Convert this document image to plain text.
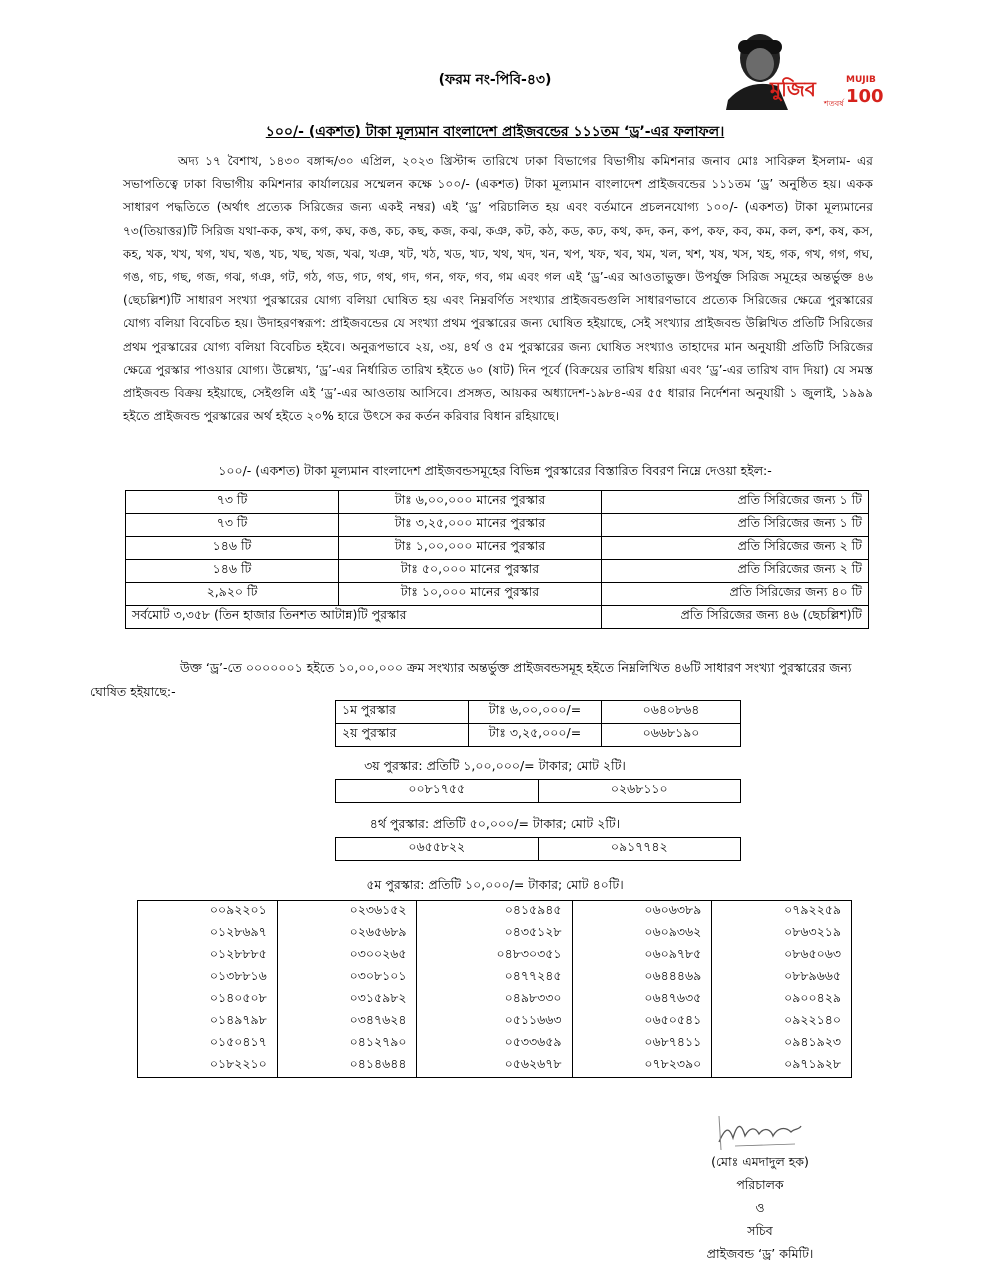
(ফরম নং-পিবি-৪৩)	মুজিব
শতবর্ষ
MUJIB
100
১০০/- (একশত) টাকা মূল্যমান বাংলাদেশ প্রাইজবন্ডের ১১১তম ‘ড্র’-এর ফলাফল।

অদ্য ১৭ বৈশাখ, ১৪৩০ বঙ্গাব্দ/৩০ এপ্রিল, ২০২৩ খ্রিস্টাব্দ তারিখে ঢাকা বিভাগের বিভাগীয় কমিশনার জনাব মোঃ সাবিরুল ইসলাম- এর সভাপতিত্বে ঢাকা বিভাগীয় কমিশনার কার্যালয়ের সম্মেলন কক্ষে ১০০/- (একশত) টাকা মূল্যমান বাংলাদেশ প্রাইজবন্ডের ১১১তম ‘ড্র’ অনুষ্ঠিত হয়। একক সাধারণ পদ্ধতিতে (অর্থাৎ প্রত্যেক সিরিজের জন্য একই নম্বর) এই ‘ড্র’ পরিচালিত হয় এবং বর্তমানে প্রচলনযোগ্য ১০০/- (একশত) টাকা মূল্যমানের ৭৩(তিয়াত্তর)টি সিরিজ যথা-কক, কখ, কগ, কঘ, কঙ, কচ, কছ, কজ, কঝ, কঞ, কট, কঠ, কড, কঢ, কথ, কদ, কন, কপ, কফ, কব, কম, কল, কশ, কষ, কস, কহ, খক, খখ, খগ, খঘ, খঙ, খচ, খছ, খজ, খঝ, খঞ, খট, খঠ, খড, খঢ, খথ, খদ, খন, খপ, খফ, খব, খম, খল, খশ, খষ, খস, খহ, গক, গখ, গগ, গঘ, গঙ, গচ, গছ, গজ, গঝ, গঞ, গট, গঠ, গড, গঢ, গথ, গদ, গন, গফ, গব, গম এবং গল এই ‘ড্র’-এর আওতাভুক্ত। উপর্যুক্ত সিরিজ সমূহের অন্তর্ভুক্ত ৪৬ (ছেচল্লিশ)টি সাধারণ সংখ্যা পুরস্কারের যোগ্য বলিয়া ঘোষিত হয় এবং নিম্নবর্ণিত সংখ্যার প্রাইজবন্ডগুলি সাধারণভাবে প্রত্যেক সিরিজের ক্ষেত্রে পুরস্কারের যোগ্য বলিয়া বিবেচিত হয়। উদাহরণস্বরূপ: প্রাইজবন্ডের যে সংখ্যা প্রথম পুরস্কারের জন্য ঘোষিত হইয়াছে, সেই সংখ্যার প্রাইজবন্ড উল্লিখিত প্রতিটি সিরিজের প্রথম পুরস্কারের যোগ্য বলিয়া বিবেচিত হইবে। অনুরূপভাবে ২য়, ৩য়, ৪র্থ ও ৫ম পুরস্কারের জন্য ঘোষিত সংখ্যাও তাহাদের মান অনুযায়ী প্রতিটি সিরিজের ক্ষেত্রে পুরস্কার পাওয়ার যোগ্য। উল্লেখ্য, ‘ড্র’-এর নির্ধারিত তারিখ হইতে ৬০ (ষাট) দিন পূর্বে (বিক্রয়ের তারিখ ধরিয়া এবং ‘ড্র’-এর তারিখ বাদ দিয়া) যে সমস্ত প্রাইজবন্ড বিক্রয় হইয়াছে, সেইগুলি এই ‘ড্র’-এর আওতায় আসিবে। প্রসঙ্গত, আয়কর অধ্যাদেশ-১৯৮৪-এর ৫৫ ধারার নির্দেশনা অনুযায়ী ১ জুলাই, ১৯৯৯ হইতে প্রাইজবন্ড পুরস্কারের অর্থ হইতে ২০% হারে উৎসে কর কর্তন করিবার বিধান রহিয়াছে।

১০০/- (একশত) টাকা মূল্যমান বাংলাদেশ প্রাইজবন্ডসমূহের বিভিন্ন পুরস্কারের বিস্তারিত বিবরণ নিম্নে দেওয়া হইল:-
৭৩ টি	টাঃ ৬,০০,০০০ মানের পুরস্কার	প্রতি সিরিজের জন্য ১ টি
৭৩ টি	টাঃ ৩,২৫,০০০ মানের পুরস্কার	প্রতি সিরিজের জন্য ১ টি
১৪৬ টি	টাঃ ১,০০,০০০ মানের পুরস্কার	প্রতি সিরিজের জন্য ২ টি
১৪৬ টি	টাঃ ৫০,০০০ মানের পুরস্কার	প্রতি সিরিজের জন্য ২ টি
২,৯২০ টি	টাঃ ১০,০০০ মানের পুরস্কার	প্রতি সিরিজের জন্য ৪০ টি
সর্বমোট ৩,৩৫৮ (তিন হাজার তিনশত আটান্ন)টি পুরস্কার		প্রতি সিরিজের জন্য ৪৬ (ছেচল্লিশ)টি

উক্ত ‘ড্র’-তে ০০০০০০১ হইতে ১০,০০,০০০ ক্রম সংখ্যার অন্তর্ভুক্ত প্রাইজবন্ডসমূহ হইতে নিম্নলিখিত ৪৬টি সাধারণ সংখ্যা পুরস্কারের জন্য ঘোষিত হইয়াছে:-

১ম পুরস্কার	টাঃ ৬,০০,০০০/=	০৬৪০৮৬৪
২য় পুরস্কার	টাঃ ৩,২৫,০০০/=	০৬৬৮১৯০
৩য় পুরস্কার: প্রতিটি ১,০০,০০০/= টাকার; মোট ২টি।
০০৮১৭৫৫	০২৬৮১১০
৪র্থ পুরস্কার: প্রতিটি ৫০,০০০/= টাকার; মোট ২টি।
০৬৫৫৮২২	০৯১৭৭৪২
৫ম পুরস্কার: প্রতিটি ১০,০০০/= টাকার; মোট ৪০টি।
০০৯২২০১	০২৩৬১৫২	০৪১৫৯৪৫	০৬০৬৩৮৯	০৭৯২২৫৯
০১২৮৬৯৭	০২৬৫৬৮৯	০৪৩৫১২৮	০৬০৯৩৬২	০৮৬৩২১৯
০১২৮৮৮৫	০৩০০২৬৫	০৪৮৩০৩৫১	০৬০৯৭৮৫	০৮৬৫০৬৩
০১৩৮৮১৬	০৩০৮১০১	০৪৭৭২৪৫	০৬৪৪৪৬৯	০৮৮৯৬৬৫
০১৪০৫০৮	০৩১৫৯৮২	০৪৯৮৩৩০	০৬৪৭৬৩৫	০৯০০৪২৯
০১৪৯৭৯৮	০৩৪৭৬২৪	০৫১১৬৬৩	০৬৫০৫৪১	০৯২২১৪০
০১৫০৪১৭	০৪১২৭৯০	০৫৩৩৬৫৯	০৬৮৭৪১১	০৯৪১৯২৩
০১৮২২১০	০৪১৪৬৪৪	০৫৬২৬৭৮	০৭৮২৩৯০	০৯৭১৯২৮
(মোঃ এমদাদুল হক)
পরিচালক
ও
সচিব
প্রাইজবন্ড ‘ড্র’ কমিটি।
